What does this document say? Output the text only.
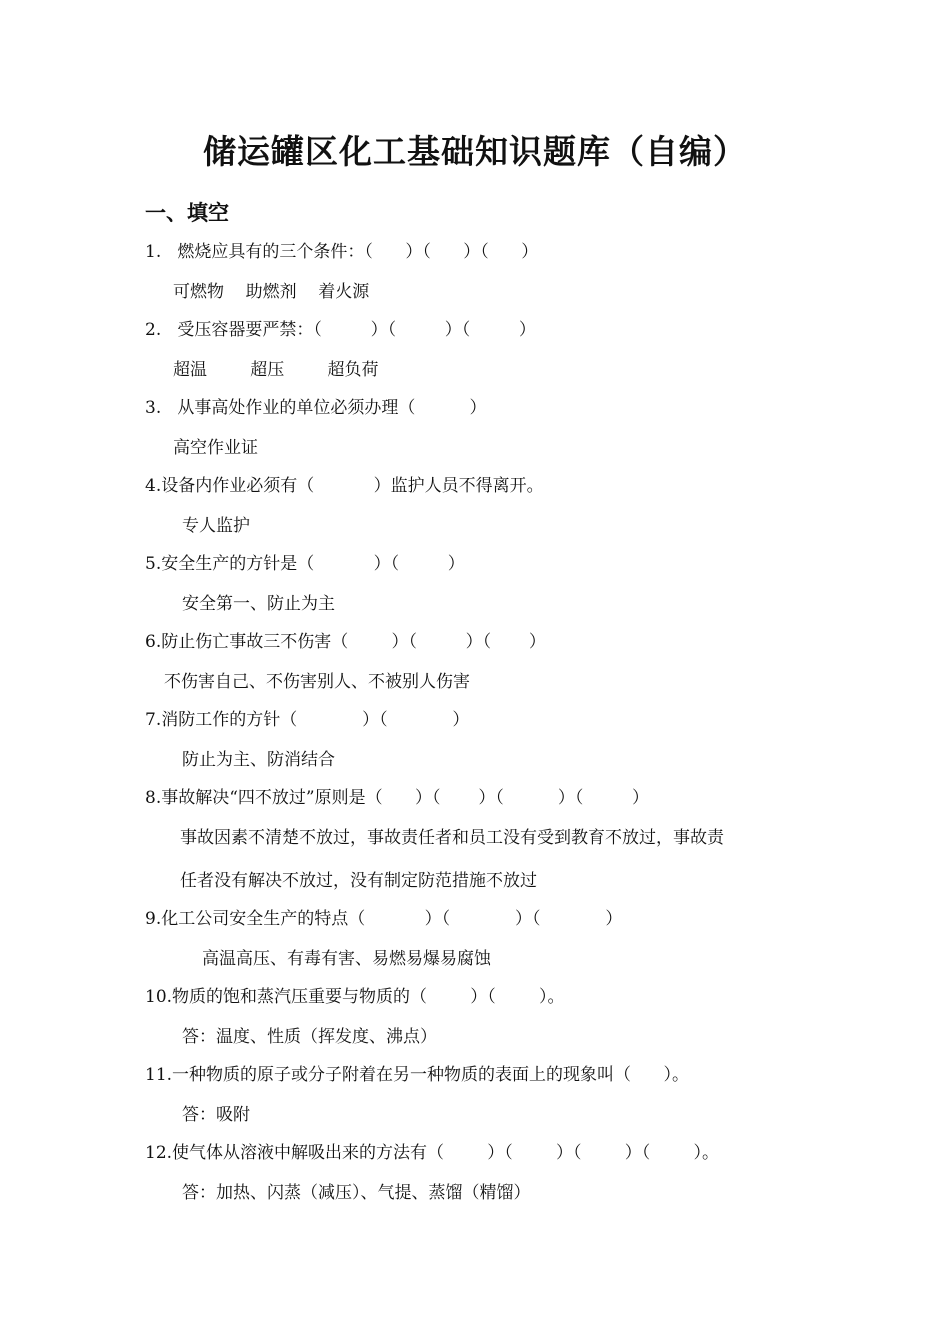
储运罐区化工基础知识题库（自编）
一、填空
1.   燃烧应具有的三个条件：（      ）（      ）（      ）
可燃物    助燃剂    着火源
2.   受压容器要严禁：（         ）（         ）（         ）
超温        超压        超负荷
3.   从事高处作业的单位必须办理（          ）
高空作业证
4.设备内作业必须有（           ）监护人员不得离开。
专人监护
5.安全生产的方针是（           ）（         ）
安全第一、防止为主
6.防止伤亡事故三不伤害（        ）（         ）（       ）
不伤害自己、不伤害别人、不被别人伤害
7.消防工作的方针（            ）（            ）
防止为主、防消结合
8.事故解决“四不放过”原则是（      ）（       ）（          ）（         ）
事故因素不清楚不放过，事故责任者和员工没有受到教育不放过，事故责
任者没有解决不放过，没有制定防范措施不放过
9.化工公司安全生产的特点（           ）（            ）（            ）
高温高压、有毒有害、易燃易爆易腐蚀
10.物质的饱和蒸汽压重要与物质的（        ）（        ）。
答：温度、性质（挥发度、沸点）
11.一种物质的原子或分子附着在另一种物质的表面上的现象叫（      ）。
答：吸附
12.使气体从溶液中解吸出来的方法有（        ）（        ）（        ）（        ）。
答：加热、闪蒸（减压）、气提、蒸馏（精馏）
